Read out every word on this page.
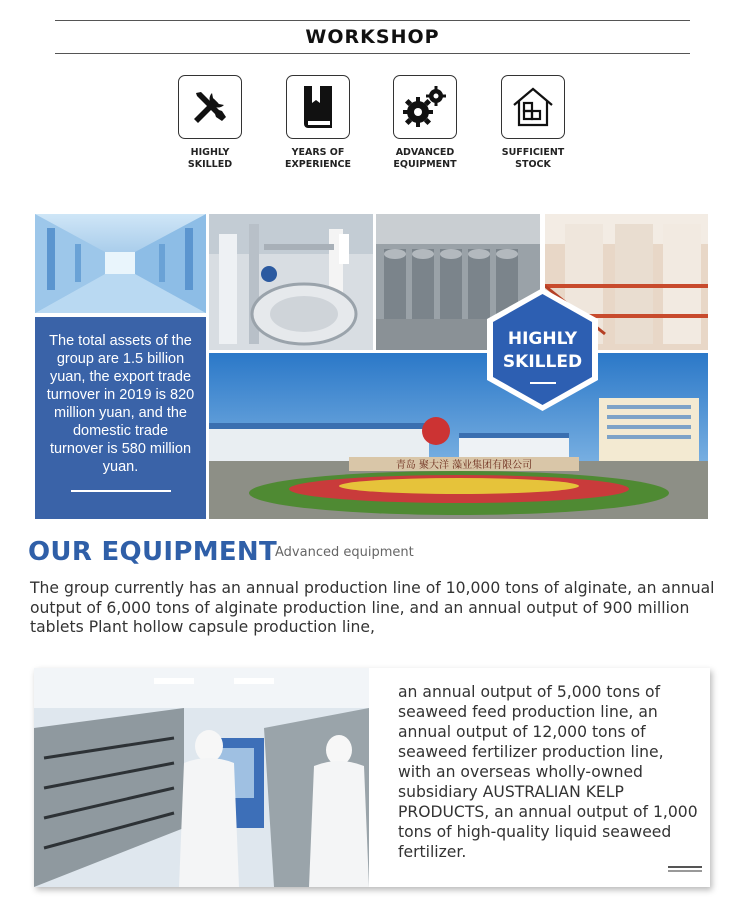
WORKSHOP
HIGHLY
SKILLED
YEARS OF
EXPERIENCE
ADVANCED
EQUIPMENT
SUFFICIENT
STOCK
The total assets of the group are 1.5 billion yuan, the export trade turnover in 2019 is 820 million yuan, and the domestic trade turnover is 580 million yuan.	青岛 聚大洋 藻业集团有限公司
HIGHLY
SKILLED
OUR EQUIPMENT
Advanced equipment
The group currently has an annual production line of 10,000 tons of alginate, an annual output of 6,000 tons of alginate production line, and an annual output of 900 million tablets Plant hollow capsule production line,
an annual output of 5,000 tons of seaweed feed production line, an annual output of 12,000 tons of seaweed fertilizer production line, with an overseas wholly-owned subsidiary AUSTRALIAN KELP PRODUCTS, an annual output of 1,000 tons of high-quality liquid seaweed fertilizer.
